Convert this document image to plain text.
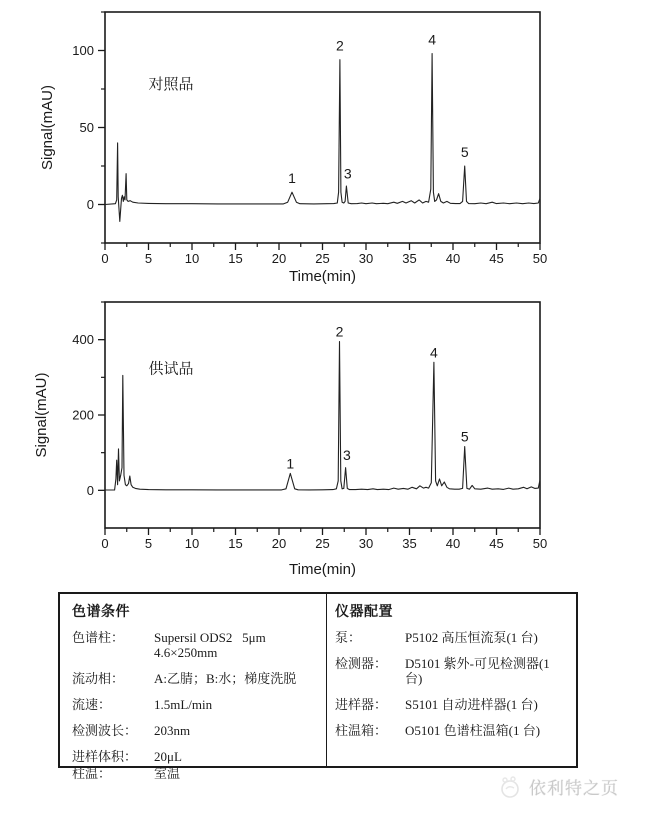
0	5	10 15 20 25 30 35 40 45 50
0
50
100
Time(min)
Signal(mAU)
1
2
3
4
5
对照品
0	5	10 15 20 25 30 35 40 45 50
0
200
400
Time(min)
Signal(mAU)
1
2
3
4
5
供试品
色谱条件
色谱柱：	Supersil ODS2   5μm 4.6×250mm
流动相：	A:乙腈；B:水；梯度洗脱
流速：	1.5mL/min
检测波长：	203nm
进样体积：	20μL
柱温：	室温
仪器配置
泵：	P5102 高压恒流泵(1 台)
检测器：	D5101 紫外-可见检测器(1 台)
进样器：	S5101 自动进样器(1 台)
柱温箱：	O5101 色谱柱温箱(1 台)
依利特之页
